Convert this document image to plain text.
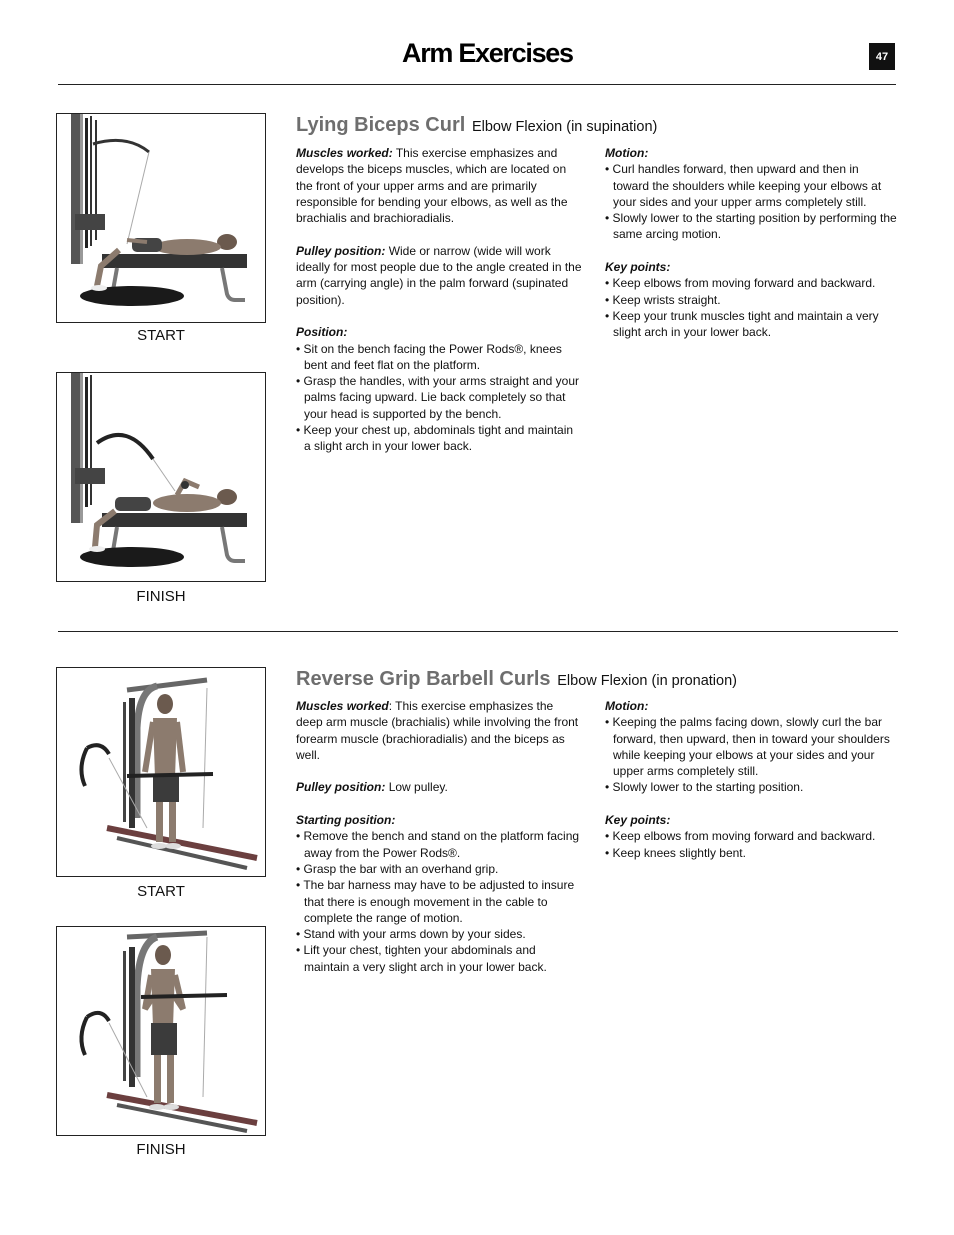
Arm Exercises	47
START
FINISH
Lying Biceps Curl Elbow Flexion (in supination)

Muscles worked: This exercise emphasizes and develops the biceps muscles, which are located on the front of your upper arms and are primarily responsible for bending your elbows, as well as the brachialis and brachioradialis.

Pulley position: Wide or narrow (wide will work ideally for most people due to the angle created in the arm (carrying angle) in the palm forward (supinated position).

Position:
• Sit on the bench facing the Power Rods®, knees bent and feet flat on the platform.
• Grasp the handles, with your arms straight and your palms facing upward. Lie back completely so that your head is supported by the bench.
• Keep your chest up, abdominals tight and maintain a slight arch in your lower back.
Motion:
• Curl handles forward, then upward and then in toward the shoulders while keeping your elbows at your sides and your upper arms completely still.
• Slowly lower to the starting position by performing the same arcing motion.
Key points:
• Keep elbows from moving forward and backward.
• Keep wrists straight.
• Keep your trunk muscles tight and maintain a very slight arch in your lower back.
START
FINISH
Reverse Grip Barbell Curls Elbow Flexion (in pronation)

Muscles worked: This exercise emphasizes the deep arm muscle (brachialis) while involving the front forearm muscle (brachioradialis) and the biceps as well.

Pulley position: Low pulley.

Starting position:
• Remove the bench and stand on the platform facing away from the Power Rods®.
• Grasp the bar with an overhand grip.
• The bar harness may have to be adjusted to insure that there is enough movement in the cable to complete the range of motion.
• Stand with your arms down by your sides.
• Lift your chest, tighten your abdominals and maintain a very slight arch in your lower back.
Motion:
• Keeping the palms facing down, slowly curl the bar forward, then upward, then in toward your shoulders while keeping your elbows at your sides and your upper arms completely still.
• Slowly lower to the starting position.
Key points:
• Keep elbows from moving forward and backward.
• Keep knees slightly bent.
